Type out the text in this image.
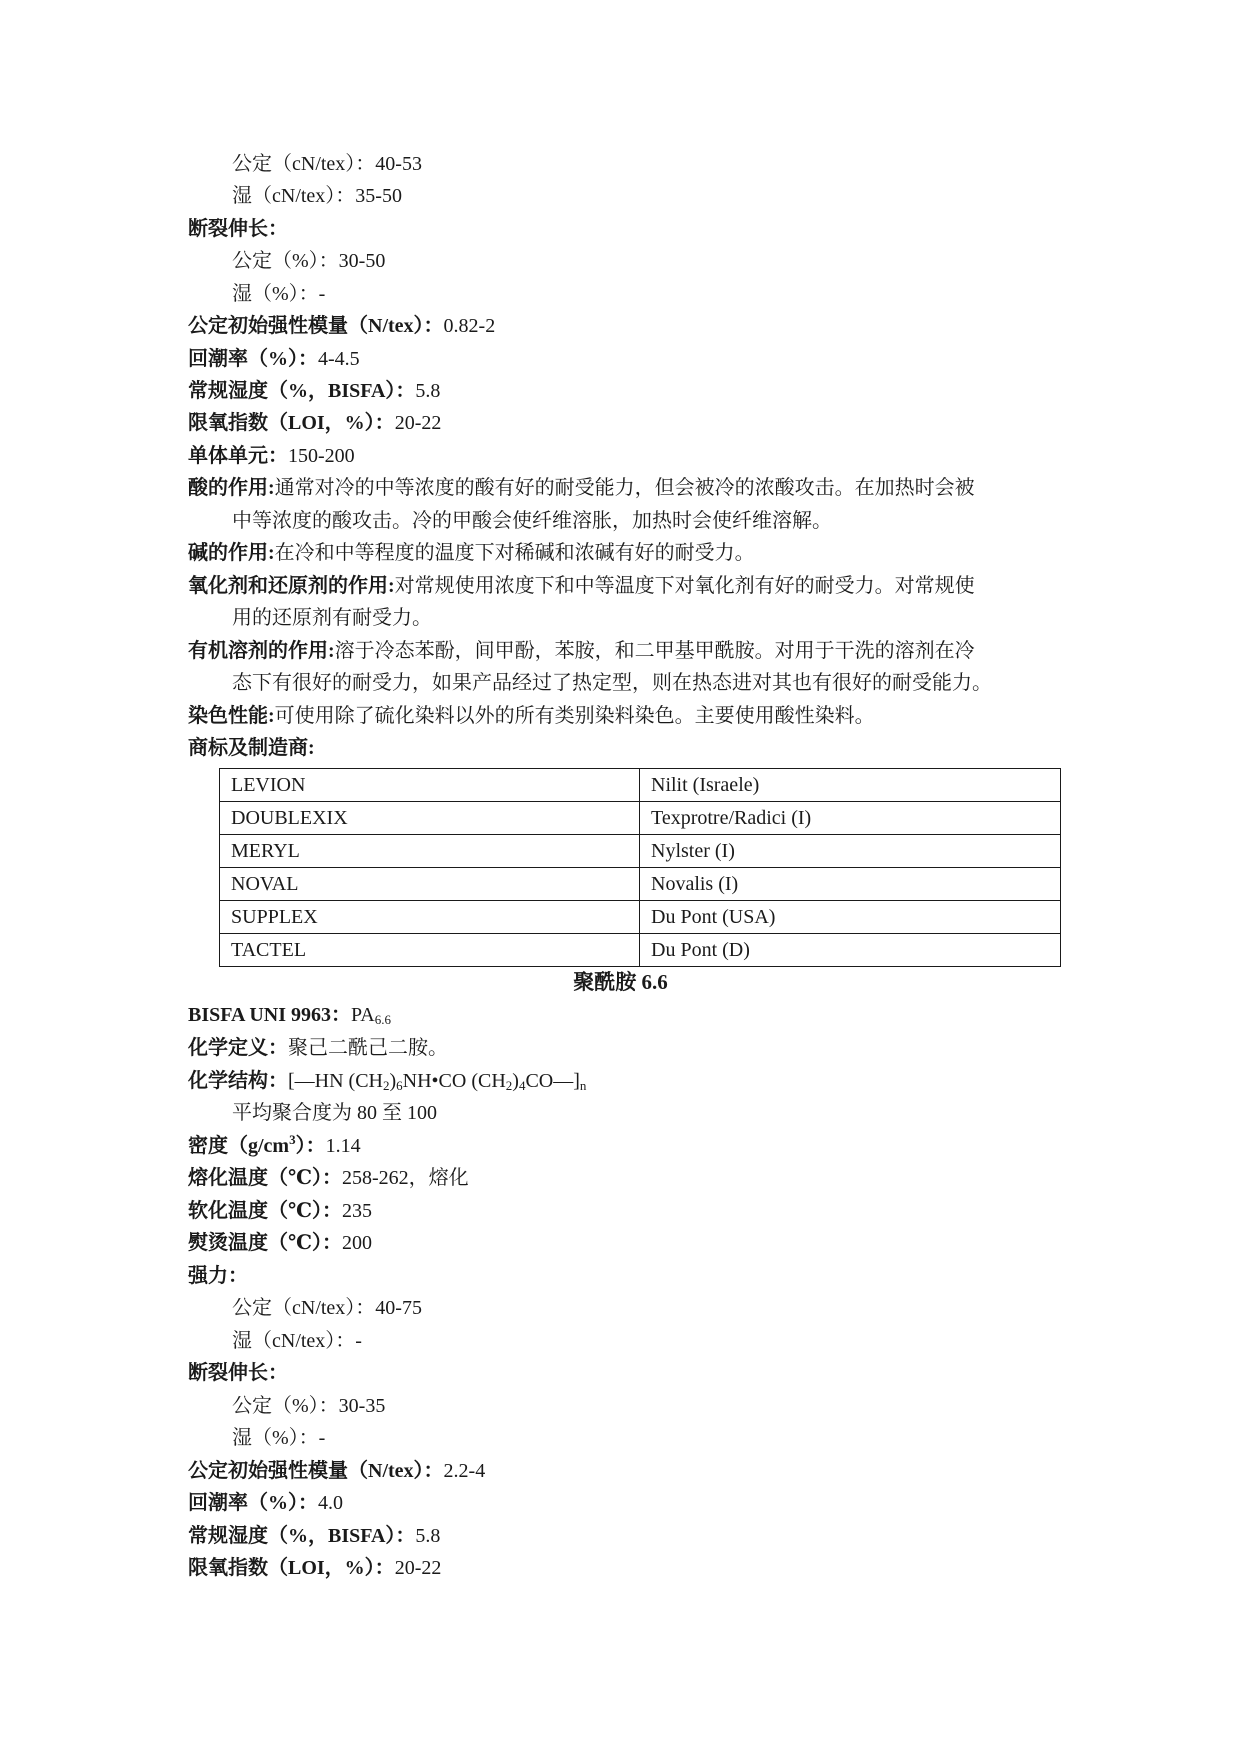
公定（cN/tex）：40-53
湿（cN/tex）：35-50
断裂伸长：
公定（%）：30-50
湿（%）：-
公定初始强性模量（N/tex）：0.82-2
回潮率（%）：4-4.5
常规湿度（%，BISFA）：5.8
限氧指数（LOI，%）：20-22
单体单元：150-200
酸的作用:通常对冷的中等浓度的酸有好的耐受能力，但会被冷的浓酸攻击。在加热时会被
中等浓度的酸攻击。冷的甲酸会使纤维溶胀，加热时会使纤维溶解。
碱的作用:在冷和中等程度的温度下对稀碱和浓碱有好的耐受力。
氧化剂和还原剂的作用:对常规使用浓度下和中等温度下对氧化剂有好的耐受力。对常规使
用的还原剂有耐受力。
有机溶剂的作用:溶于冷态苯酚，间甲酚，苯胺，和二甲基甲酰胺。对用于干洗的溶剂在冷
态下有很好的耐受力，如果产品经过了热定型，则在热态进对其也有很好的耐受能力。
染色性能:可使用除了硫化染料以外的所有类别染料染色。主要使用酸性染料。
商标及制造商:
LEVION	Nilit (Israele)
DOUBLEXIX	Texprotre/Radici (I)
MERYL	Nylster (I)
NOVAL	Novalis (I)
SUPPLEX	Du Pont (USA)
TACTEL	Du Pont (D)
聚酰胺 6.6
BISFA UNI 9963：$PA_{6.6}$
化学定义：聚己二酰己二胺。
化学结构：[—HN $(CH_2)_6NH•CO$ $(CH_2)_4CO—]_n$
平均聚合度为 80 至 100
密度$(g/cm^3)$：1.14
熔化温度（℃）：258-262，熔化
软化温度（℃）：235
熨烫温度（℃）：200
强力：
公定（cN/tex）：40-75
湿（cN/tex）：-
断裂伸长：
公定（%）：30-35
湿（%）：-
公定初始强性模量（N/tex）：2.2-4
回潮率（%）：4.0
常规湿度（%，BISFA）：5.8
限氧指数（LOI，%）：20-22
